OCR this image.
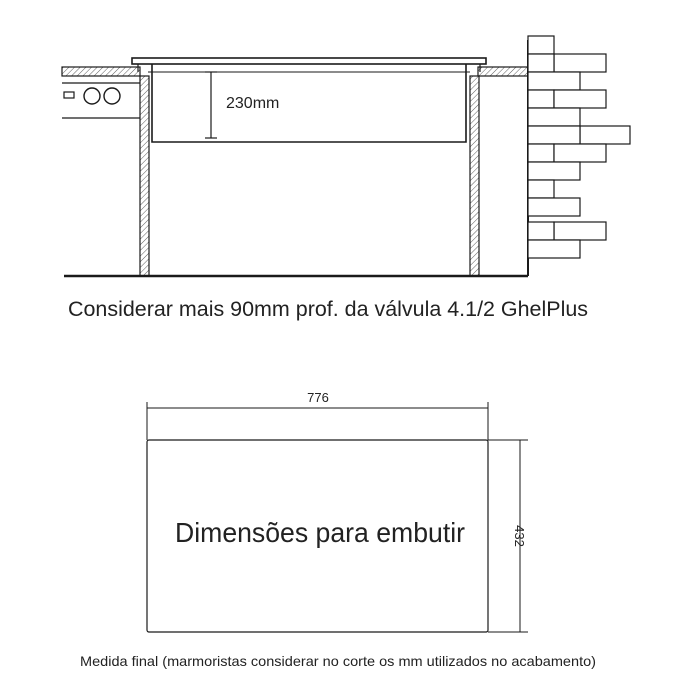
230mm
Considerar mais 90mm prof. da válvula 4.1/2 GhelPlus
776
432
Dimensões para embutir
Medida final (marmoristas considerar no corte os mm utilizados no acabamento)
